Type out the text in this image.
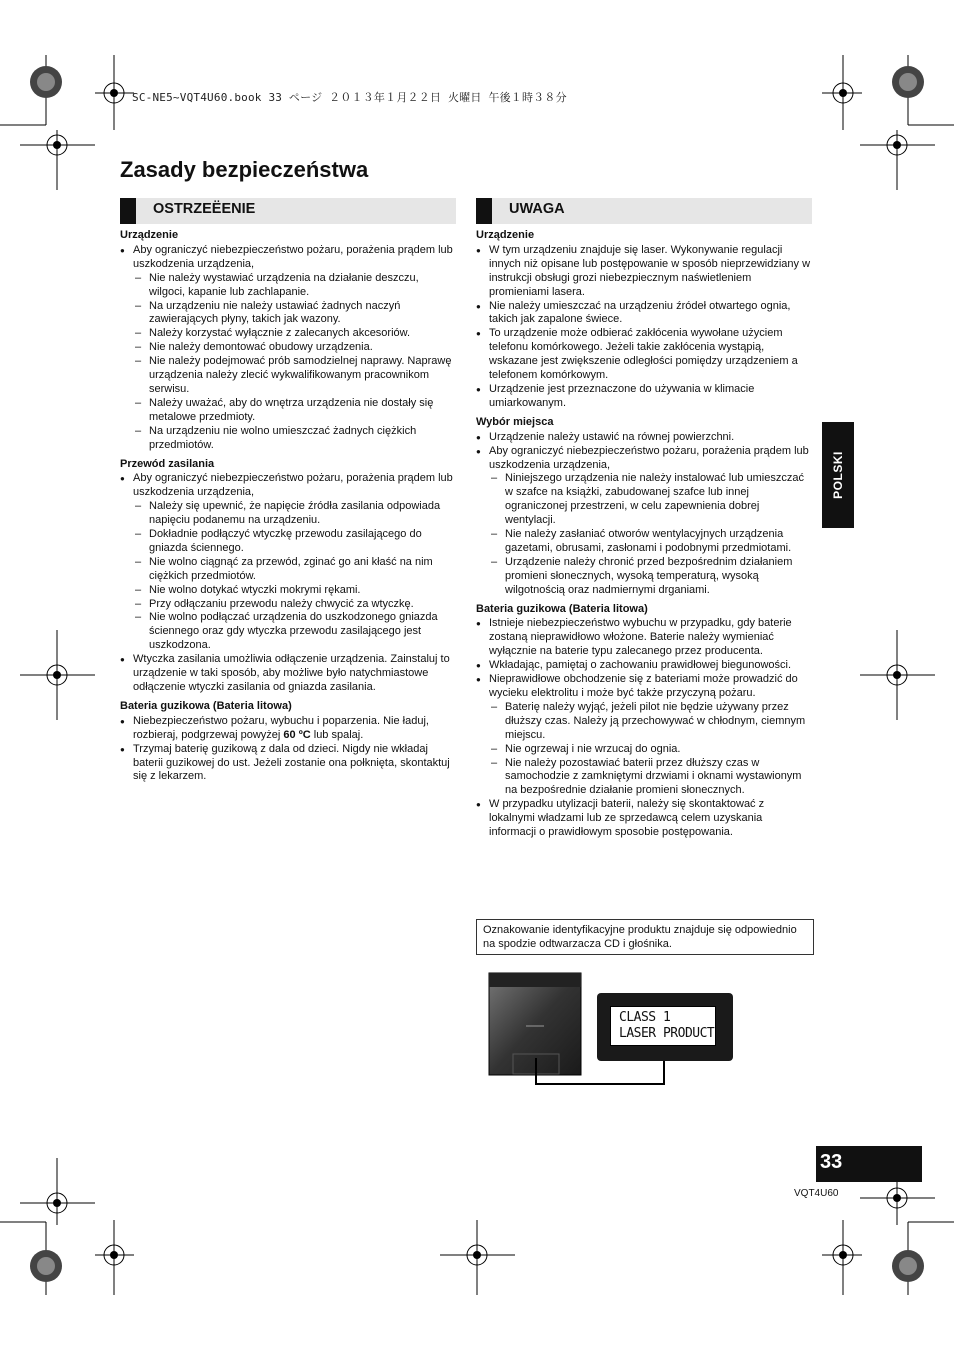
SC-NE5~VQT4U60.book 33 ページ ２０１３年１月２２日 火曜日 午後１時３８分
Zasady bezpieczeństwa
OSTRZEËENIE
Urządzenie
● Aby ograniczyć niebezpieczeństwo pożaru, porażenia prądem lub uszkodzenia urządzenia,
– Nie należy wystawiać urządzenia na działanie deszczu, wilgoci, kapanie lub zachlapanie.
– Na urządzeniu nie należy ustawiać żadnych naczyń zawierających płyny, takich jak wazony.
– Należy korzystać wyłącznie z zalecanych akcesoriów.
– Nie należy demontować obudowy urządzenia.
– Nie należy podejmować prób samodzielnej naprawy. Naprawę urządzenia należy zlecić wykwalifikowanym pracownikom serwisu.
– Należy uważać, aby do wnętrza urządzenia nie dostały się metalowe przedmioty.
– Na urządzeniu nie wolno umieszczać żadnych ciężkich przedmiotów.
Przewód zasilania
● Aby ograniczyć niebezpieczeństwo pożaru, porażenia prądem lub uszkodzenia urządzenia,
– Należy się upewnić, że napięcie źródła zasilania odpowiada napięciu podanemu na urządzeniu.
– Dokładnie podłączyć wtyczkę przewodu zasilającego do gniazda ściennego.
– Nie wolno ciągnąć za przewód, zginać go ani kłaść na nim ciężkich przedmiotów.
– Nie wolno dotykać wtyczki mokrymi rękami.
– Przy odłączaniu przewodu należy chwycić za wtyczkę.
– Nie wolno podłączać urządzenia do uszkodzonego gniazda ściennego oraz gdy wtyczka przewodu zasilającego jest uszkodzona.
● Wtyczka zasilania umożliwia odłączenie urządzenia. Zainstaluj to urządzenie w taki sposób, aby możliwe było natychmiastowe odłączenie wtyczki zasilania od gniazda zasilania.
Bateria guzikowa (Bateria litowa)
● Niebezpieczeństwo pożaru, wybuchu i poparzenia. Nie ładuj, rozbieraj, podgrzewaj powyżej 60 ºC lub spalaj.
● Trzymaj baterię guzikową z dala od dzieci. Nigdy nie wkładaj baterii guzikowej do ust. Jeżeli zostanie ona połknięta, skontaktuj się z lekarzem.
UWAGA
Urządzenie
● W tym urządzeniu znajduje się laser. Wykonywanie regulacji innych niż opisane lub postępowanie w sposób nieprzewidziany w instrukcji obsługi grozi niebezpiecznym naświetleniem promieniami lasera.
● Nie należy umieszczać na urządzeniu źródeł otwartego ognia, takich jak zapalone świece.
● To urządzenie może odbierać zakłócenia wywołane użyciem telefonu komórkowego. Jeżeli takie zakłócenia wystąpią, wskazane jest zwiększenie odległości pomiędzy urządzeniem a telefonem komórkowym.
● Urządzenie jest przeznaczone do używania w klimacie umiarkowanym.
Wybór miejsca
● Urządzenie należy ustawić na równej powierzchni.
● Aby ograniczyć niebezpieczeństwo pożaru, porażenia prądem lub uszkodzenia urządzenia,
– Niniejszego urządzenia nie należy instalować lub umieszczać w szafce na książki, zabudowanej szafce lub innej ograniczonej przestrzeni, w celu zapewnienia dobrej wentylacji.
– Nie należy zasłaniać otworów wentylacyjnych urządzenia gazetami, obrusami, zasłonami i podobnymi przedmiotami.
– Urządzenie należy chronić przed bezpośrednim działaniem promieni słonecznych, wysoką temperaturą, wysoką wilgotnością oraz nadmiernymi drganiami.
Bateria guzikowa (Bateria litowa)
● Istnieje niebezpieczeństwo wybuchu w przypadku, gdy baterie zostaną nieprawidłowo włożone. Baterie należy wymieniać wyłącznie na baterie typu zalecanego przez producenta.
● Wkładając, pamiętaj o zachowaniu prawidłowej biegunowości.
● Nieprawidłowe obchodzenie się z bateriami może prowadzić do wycieku elektrolitu i może być także przyczyną pożaru.
– Baterię należy wyjąć, jeżeli pilot nie będzie używany przez dłuższy czas. Należy ją przechowywać w chłodnym, ciemnym miejscu.
– Nie ogrzewaj i nie wrzucaj do ognia.
– Nie należy pozostawiać baterii przez dłuższy czas w samochodzie z zamkniętymi drzwiami i oknami wystawionym na bezpośrednie działanie promieni słonecznych.
● W przypadku utylizacji baterii, należy się skontaktować z lokalnymi władzami lub ze sprzedawcą celem uzyskania informacji o prawidłowym sposobie postępowania.
Oznakowanie identyfikacyjne produktu znajduje się odpowiednio na spodzie odtwarzacza CD i głośnika.
CLASS 1
LASER PRODUCT
POLSKI
33
VQT4U60
